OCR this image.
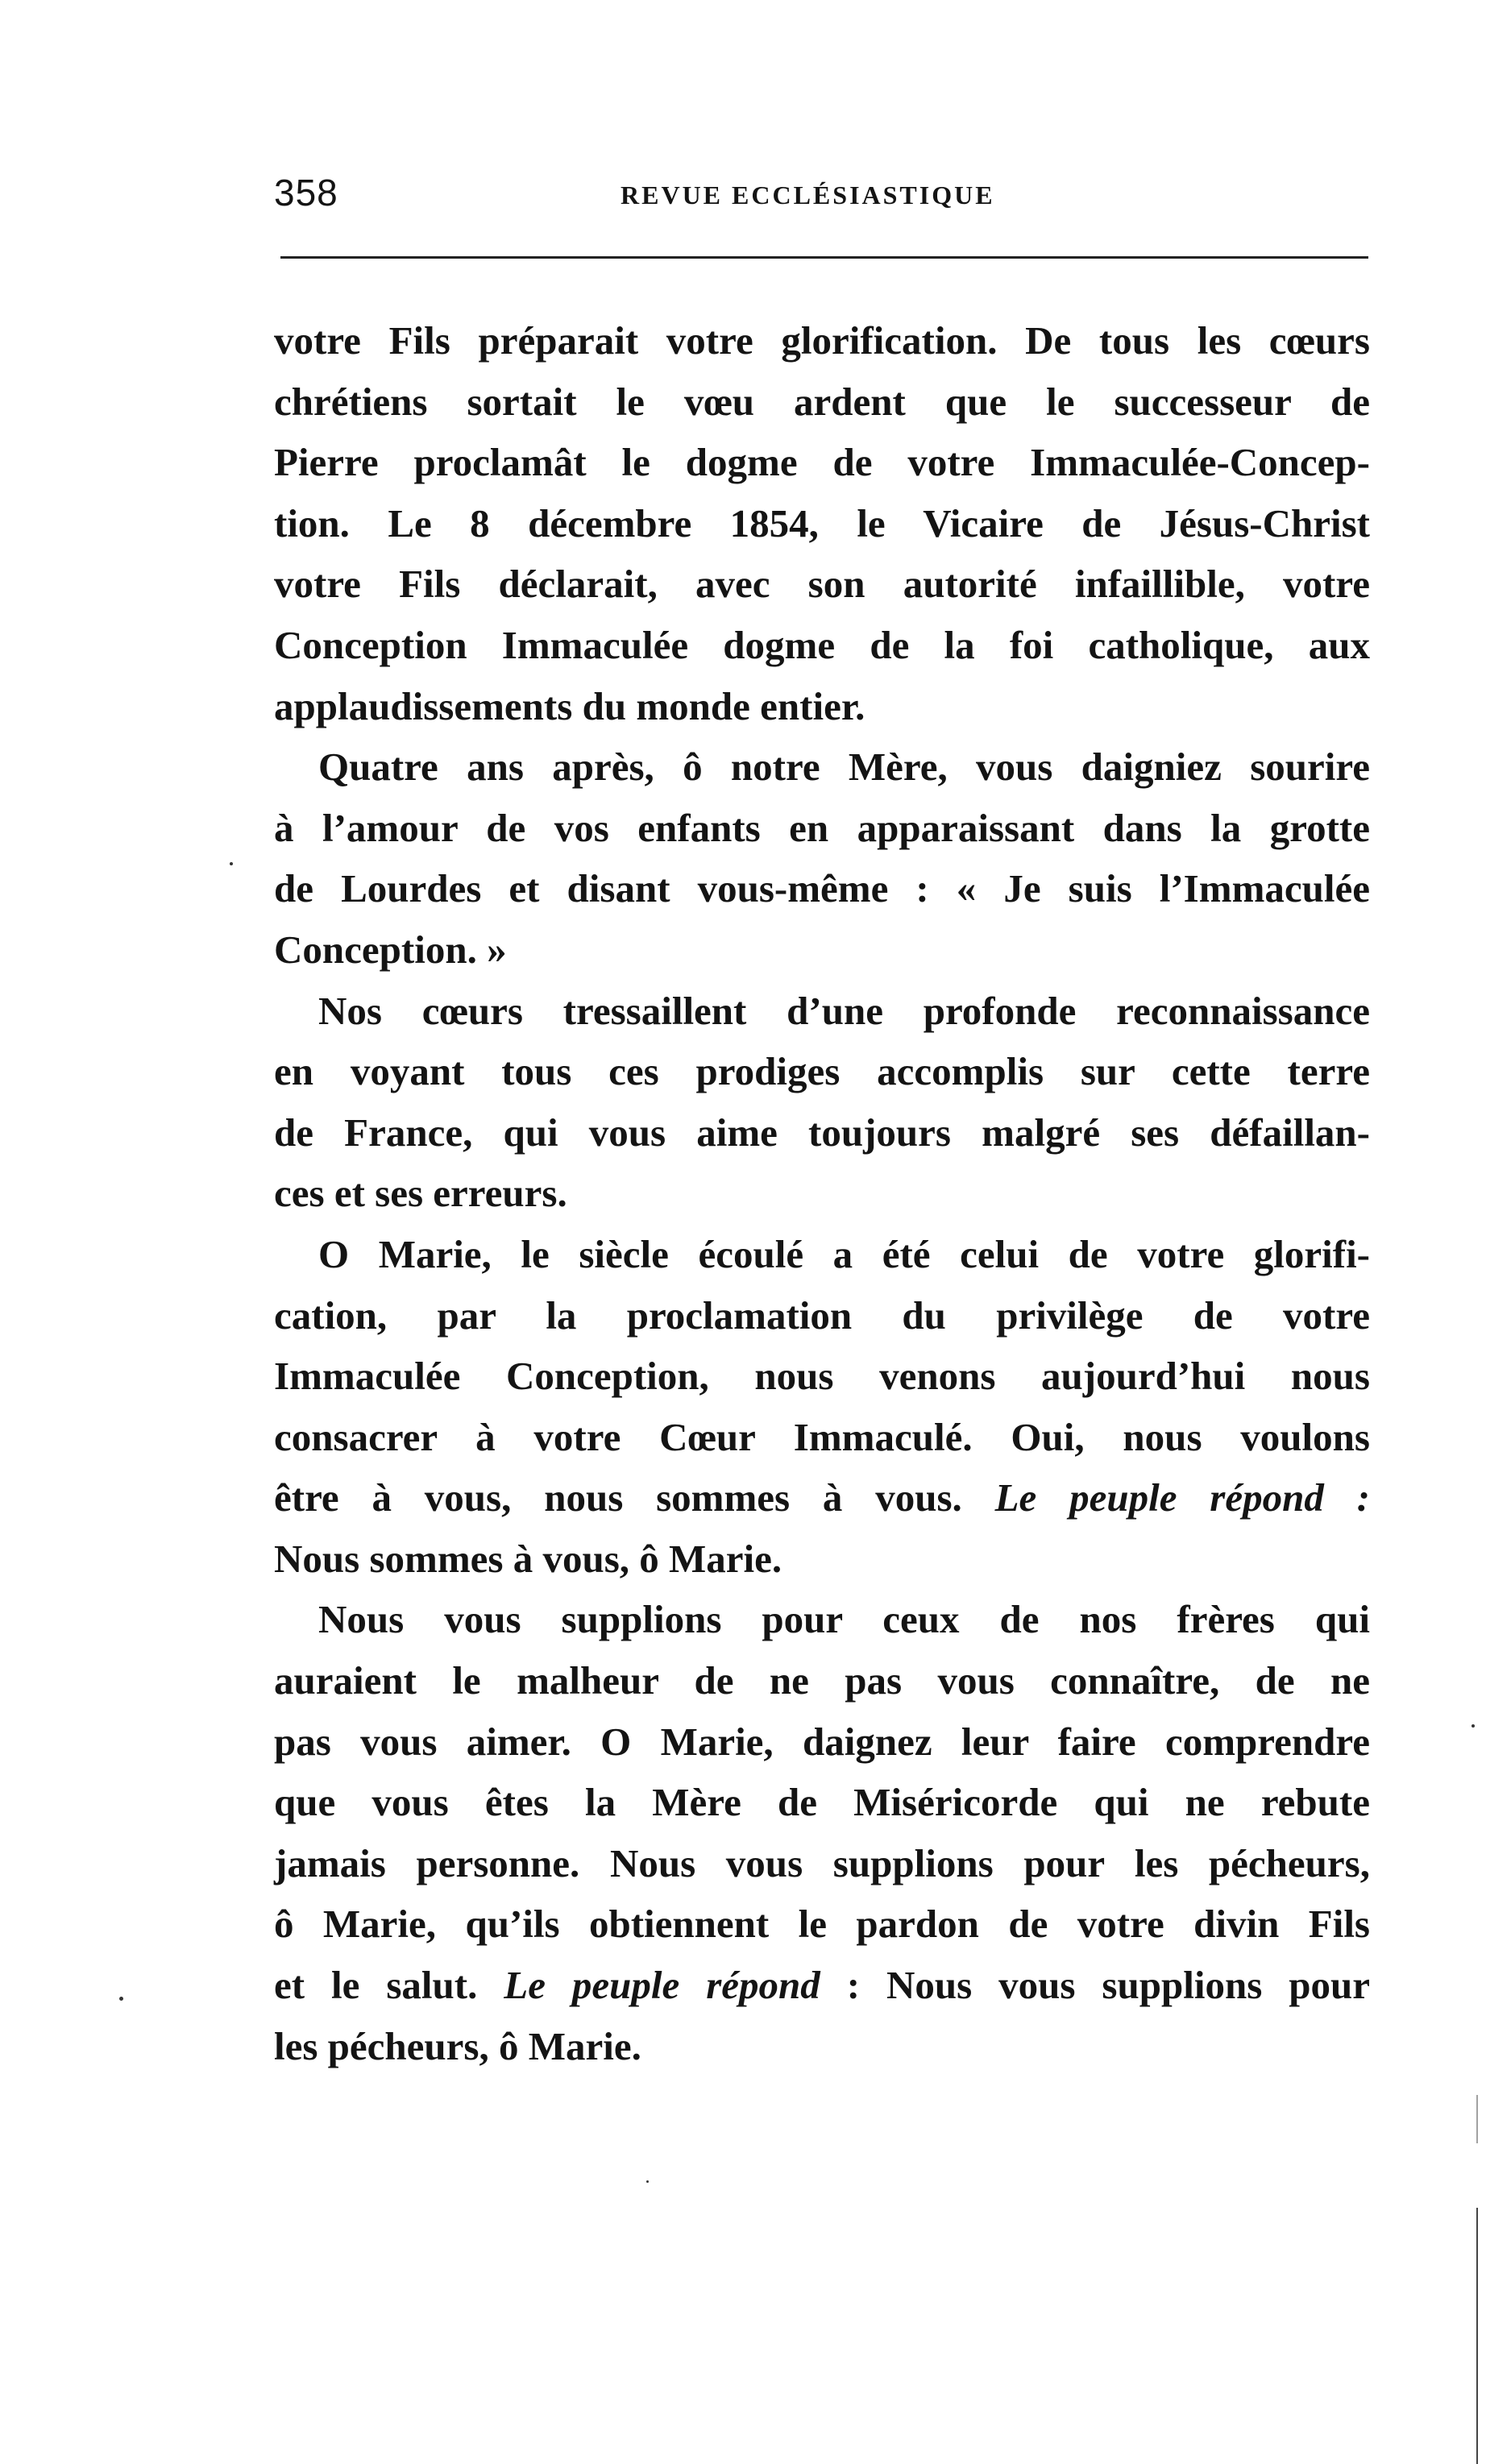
358	REVUE ECCLÉSIASTIQUE

votre Fils préparait votre glorification. De tous les cœurs
chrétiens sortait le vœu ardent que le successeur de
Pierre proclamât le dogme de votre Immaculée-Concep-
tion. Le 8 décembre 1854, le Vicaire de Jésus-Christ
votre Fils déclarait, avec son autorité infaillible, votre
Conception Immaculée dogme de la foi catholique, aux
applaudissements du monde entier.

Quatre ans après, ô notre Mère, vous daigniez sourire
à l’amour de vos enfants en apparaissant dans la grotte
de Lourdes et disant vous-même : « Je suis l’Immaculée
Conception. »

Nos cœurs tressaillent d’une profonde reconnaissance
en voyant tous ces prodiges accomplis sur cette terre
de France, qui vous aime toujours malgré ses défaillan-
ces et ses erreurs.

O Marie, le siècle écoulé a été celui de votre glorifi-
cation, par la proclamation du privilège de votre
Immaculée Conception, nous venons aujourd’hui nous
consacrer à votre Cœur Immaculé. Oui, nous voulons
être à vous, nous sommes à vous. Le peuple répond :
Nous sommes à vous, ô Marie.

Nous vous supplions pour ceux de nos frères qui
auraient le malheur de ne pas vous connaître, de ne
pas vous aimer. O Marie, daignez leur faire comprendre
que vous êtes la Mère de Miséricorde qui ne rebute
jamais personne. Nous vous supplions pour les pécheurs,
ô Marie, qu’ils obtiennent le pardon de votre divin Fils
et le salut. Le peuple répond : Nous vous supplions pour
les pécheurs, ô Marie.
